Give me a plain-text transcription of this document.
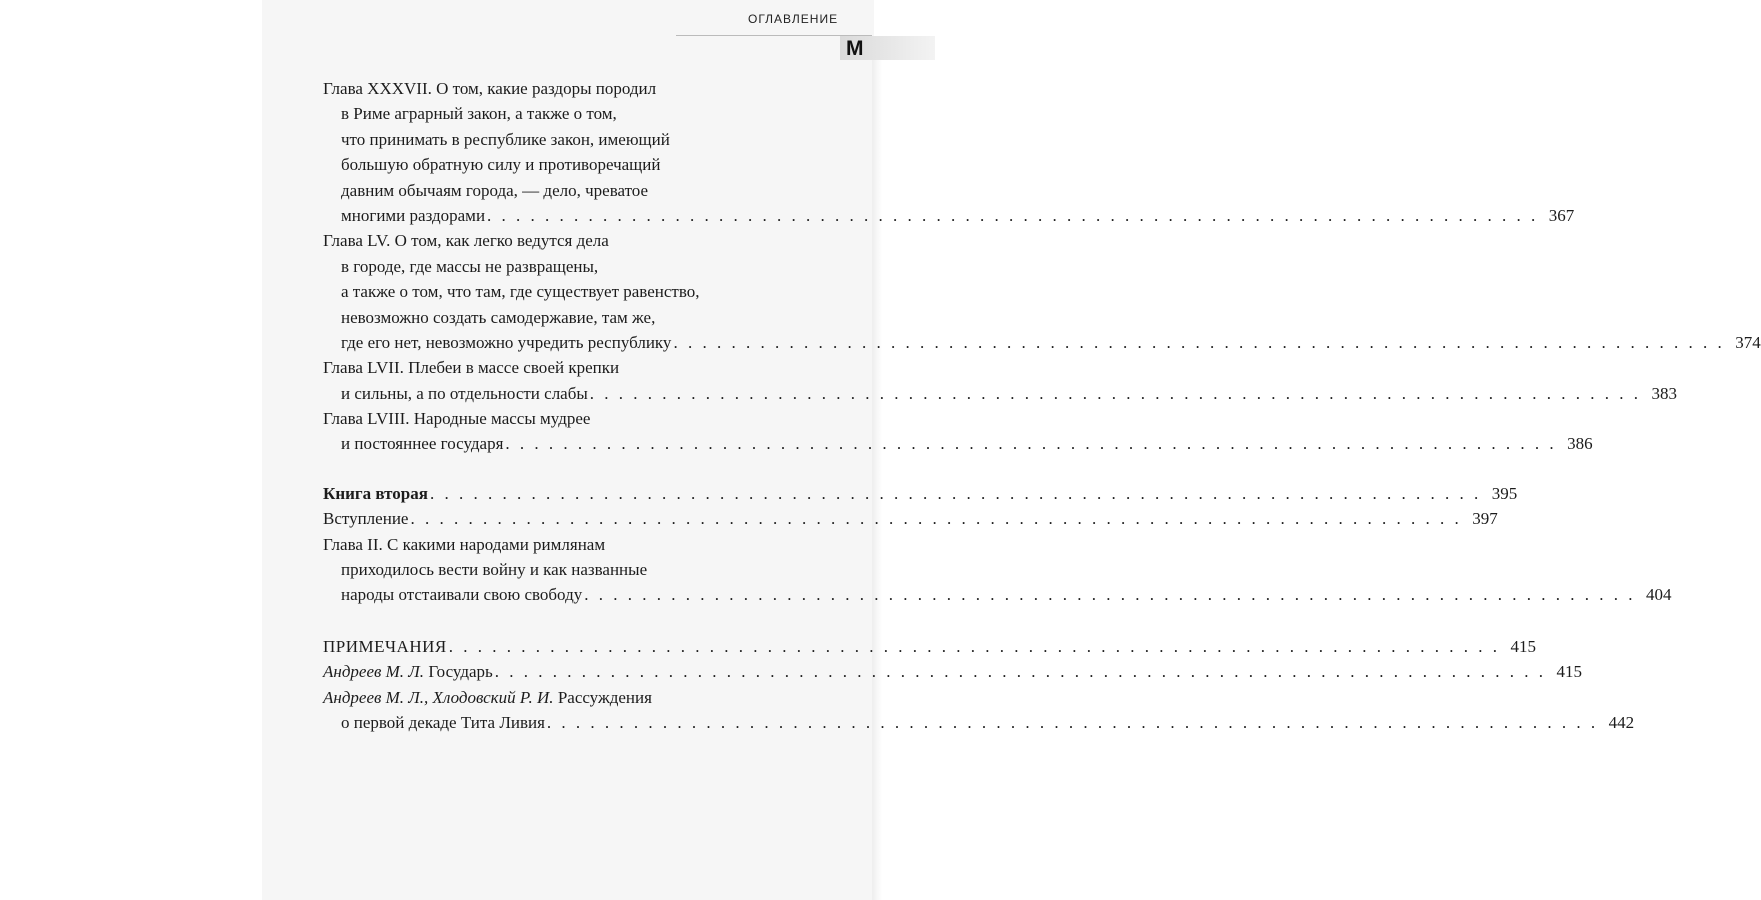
ОГЛАВЛЕНИЕ
М
Глава XXXVII. О том, какие раздоры породил
в Риме аграрный закон, а также о том,
что принимать в республике закон, имеющий
большую обратную силу и противоречащий
давним обычаям города, — дело, чреватое
многими раздорами . . . . . . . . . . . . . . . . . . . . . . . . . . . . . . . . . . . . . . . . . . . . . . . . . . . . . . . . . . . . . . . . . . . . . . . . . 367
Глава LV. О том, как легко ведутся дела
в городе, где массы не развращены,
а также о том, что там, где существует равенство,
невозможно создать самодержавие, там же,
где его нет, невозможно учредить республику . . . . . . . . . . . . . . . . . . . . . . . . . . . . . . . . . . . . . . . . . . . . . . . . . . . . . . . . . . . . . . . . . . . . . . . . . 374
Глава LVII. Плебеи в массе своей крепки
и сильны, а по отдельности слабы . . . . . . . . . . . . . . . . . . . . . . . . . . . . . . . . . . . . . . . . . . . . . . . . . . . . . . . . . . . . . . . . . . . . . . . . . 383
Глава LVIII. Народные массы мудрее
и постояннее государя . . . . . . . . . . . . . . . . . . . . . . . . . . . . . . . . . . . . . . . . . . . . . . . . . . . . . . . . . . . . . . . . . . . . . . . . . 386
Книга вторая . . . . . . . . . . . . . . . . . . . . . . . . . . . . . . . . . . . . . . . . . . . . . . . . . . . . . . . . . . . . . . . . . . . . . . . . . 395
Вступление . . . . . . . . . . . . . . . . . . . . . . . . . . . . . . . . . . . . . . . . . . . . . . . . . . . . . . . . . . . . . . . . . . . . . . . . . 397
Глава II. С какими народами римлянам
приходилось вести войну и как названные
народы отстаивали свою свободу . . . . . . . . . . . . . . . . . . . . . . . . . . . . . . . . . . . . . . . . . . . . . . . . . . . . . . . . . . . . . . . . . . . . . . . . . 404
ПРИМЕЧАНИЯ . . . . . . . . . . . . . . . . . . . . . . . . . . . . . . . . . . . . . . . . . . . . . . . . . . . . . . . . . . . . . . . . . . . . . . . . . 415
Андреев М. Л. Государь . . . . . . . . . . . . . . . . . . . . . . . . . . . . . . . . . . . . . . . . . . . . . . . . . . . . . . . . . . . . . . . . . . . . . . . . . 415
Андреев М. Л., Хлодовский Р. И. Рассуждения
о первой декаде Тита Ливия . . . . . . . . . . . . . . . . . . . . . . . . . . . . . . . . . . . . . . . . . . . . . . . . . . . . . . . . . . . . . . . . . . . . . . . . . 442
